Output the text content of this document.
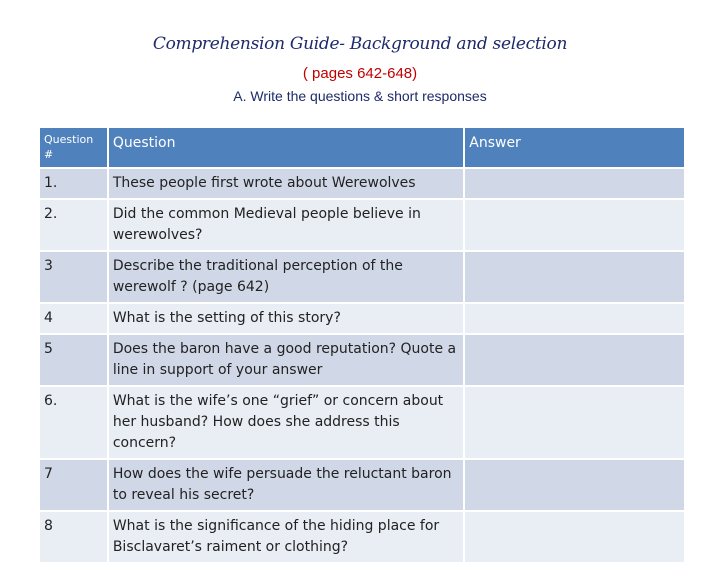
Comprehension Guide- Background and selection
( pages 642-648)
A. Write the questions & short responses
Question #	Question	Answer
1.	These people first wrote about Werewolves	
2.	Did the common Medieval people believe in werewolves?	
3	Describe the traditional perception of the werewolf ? (page 642)	
4	What is the setting of this story?	
5	Does the baron have a good reputation? Quote a line in support of your answer	
6.	What is the wife’s one “grief” or concern about her husband? How does she address this concern?	
7	How does the wife persuade the reluctant baron to reveal his secret?	
8	What is the significance of the hiding place for Bisclavaret’s raiment or clothing?	
